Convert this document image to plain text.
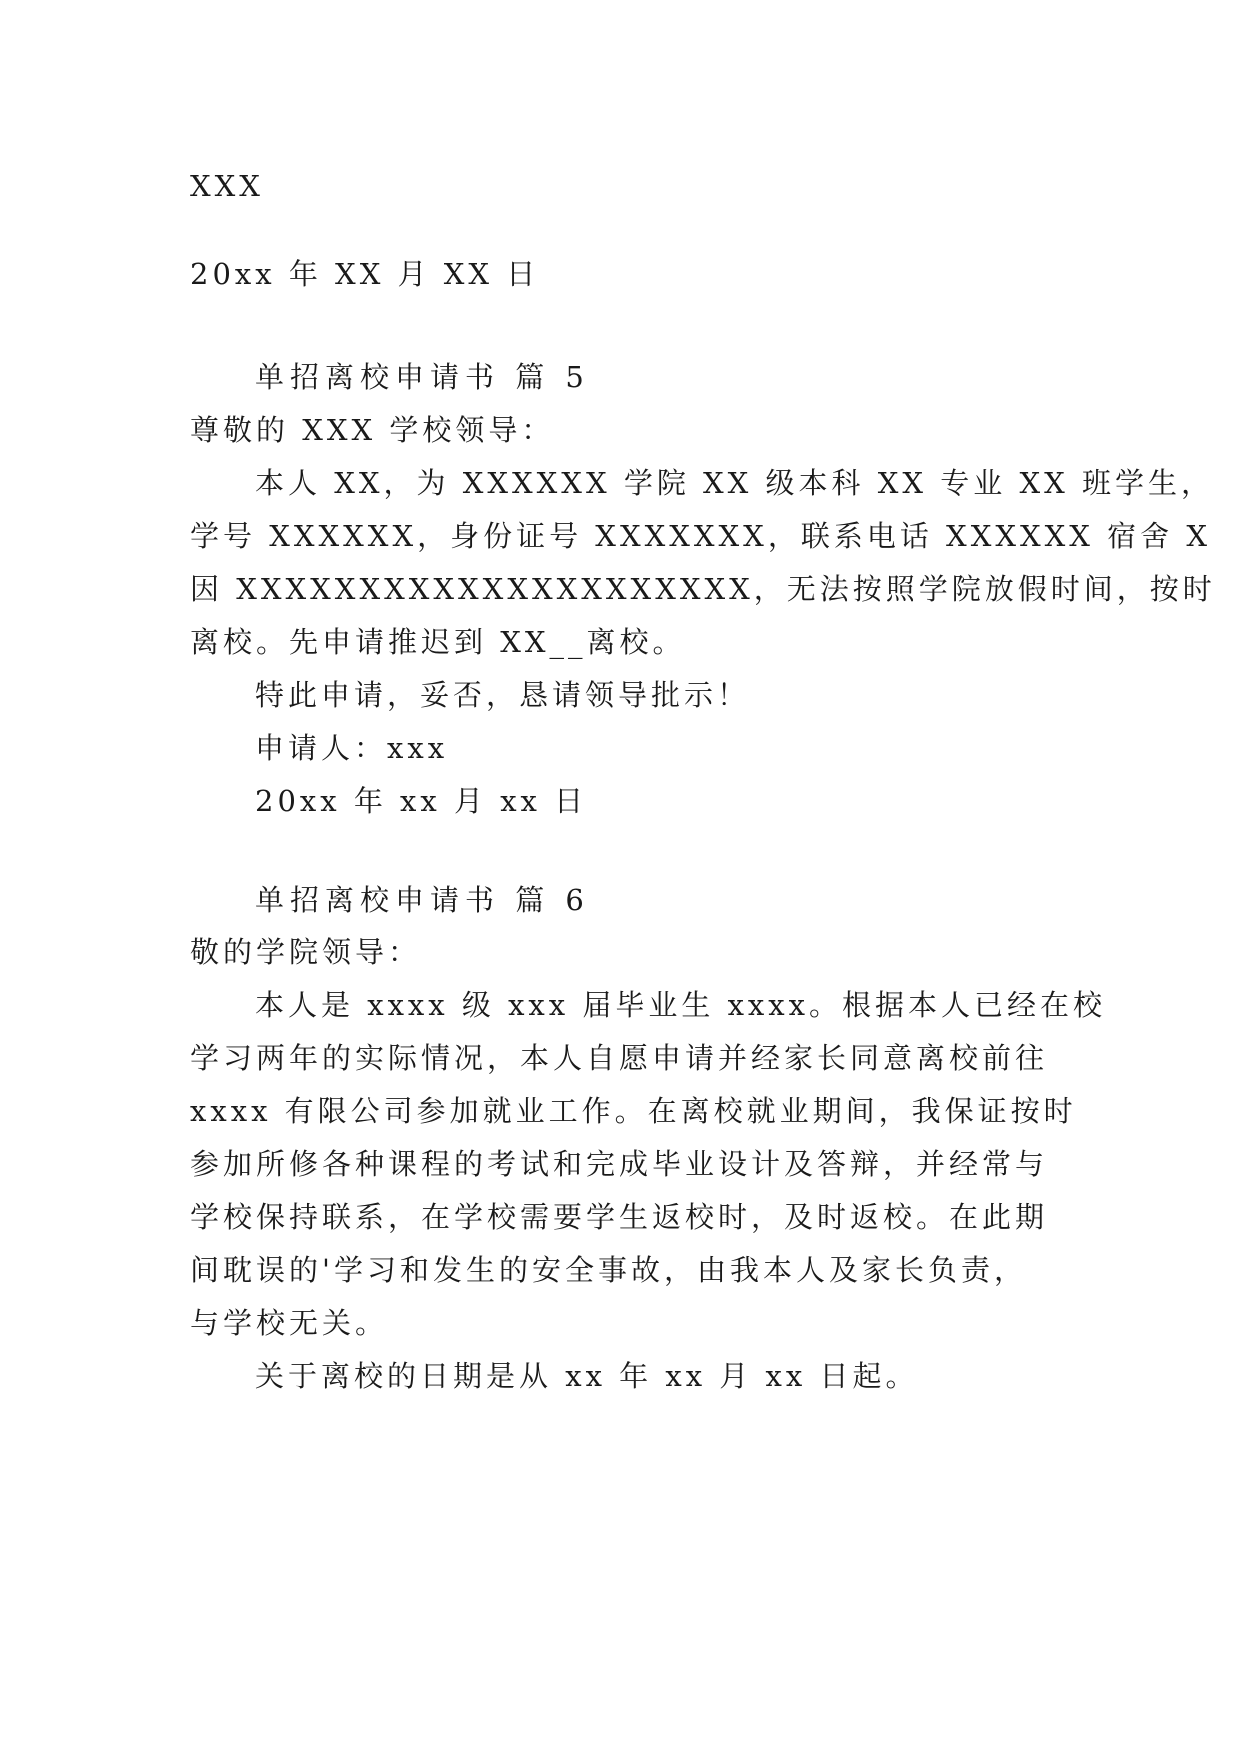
XXX
20xx 年 XX 月 XX 日
单招离校申请书 篇 5
尊敬的 XXX 学校领导：
本人 XX，为 XXXXXX 学院 XX 级本科 XX 专业 XX 班学生，
学号 XXXXXX，身份证号 XXXXXXX，联系电话 XXXXXX 宿舍 X
因 XXXXXXXXXXXXXXXXXXXXX，无法按照学院放假时间，按时
离校。先申请推迟到 XX__离校。
特此申请，妥否，恳请领导批示！
申请人：xxx
20xx 年 xx 月 xx 日
单招离校申请书 篇 6
敬的学院领导：
本人是 xxxx 级 xxx 届毕业生 xxxx。根据本人已经在校
学习两年的实际情况，本人自愿申请并经家长同意离校前往
xxxx 有限公司参加就业工作。在离校就业期间，我保证按时
参加所修各种课程的考试和完成毕业设计及答辩，并经常与
学校保持联系，在学校需要学生返校时，及时返校。在此期
间耽误的'学习和发生的安全事故，由我本人及家长负责，
与学校无关。
关于离校的日期是从 xx 年 xx 月 xx 日起。
